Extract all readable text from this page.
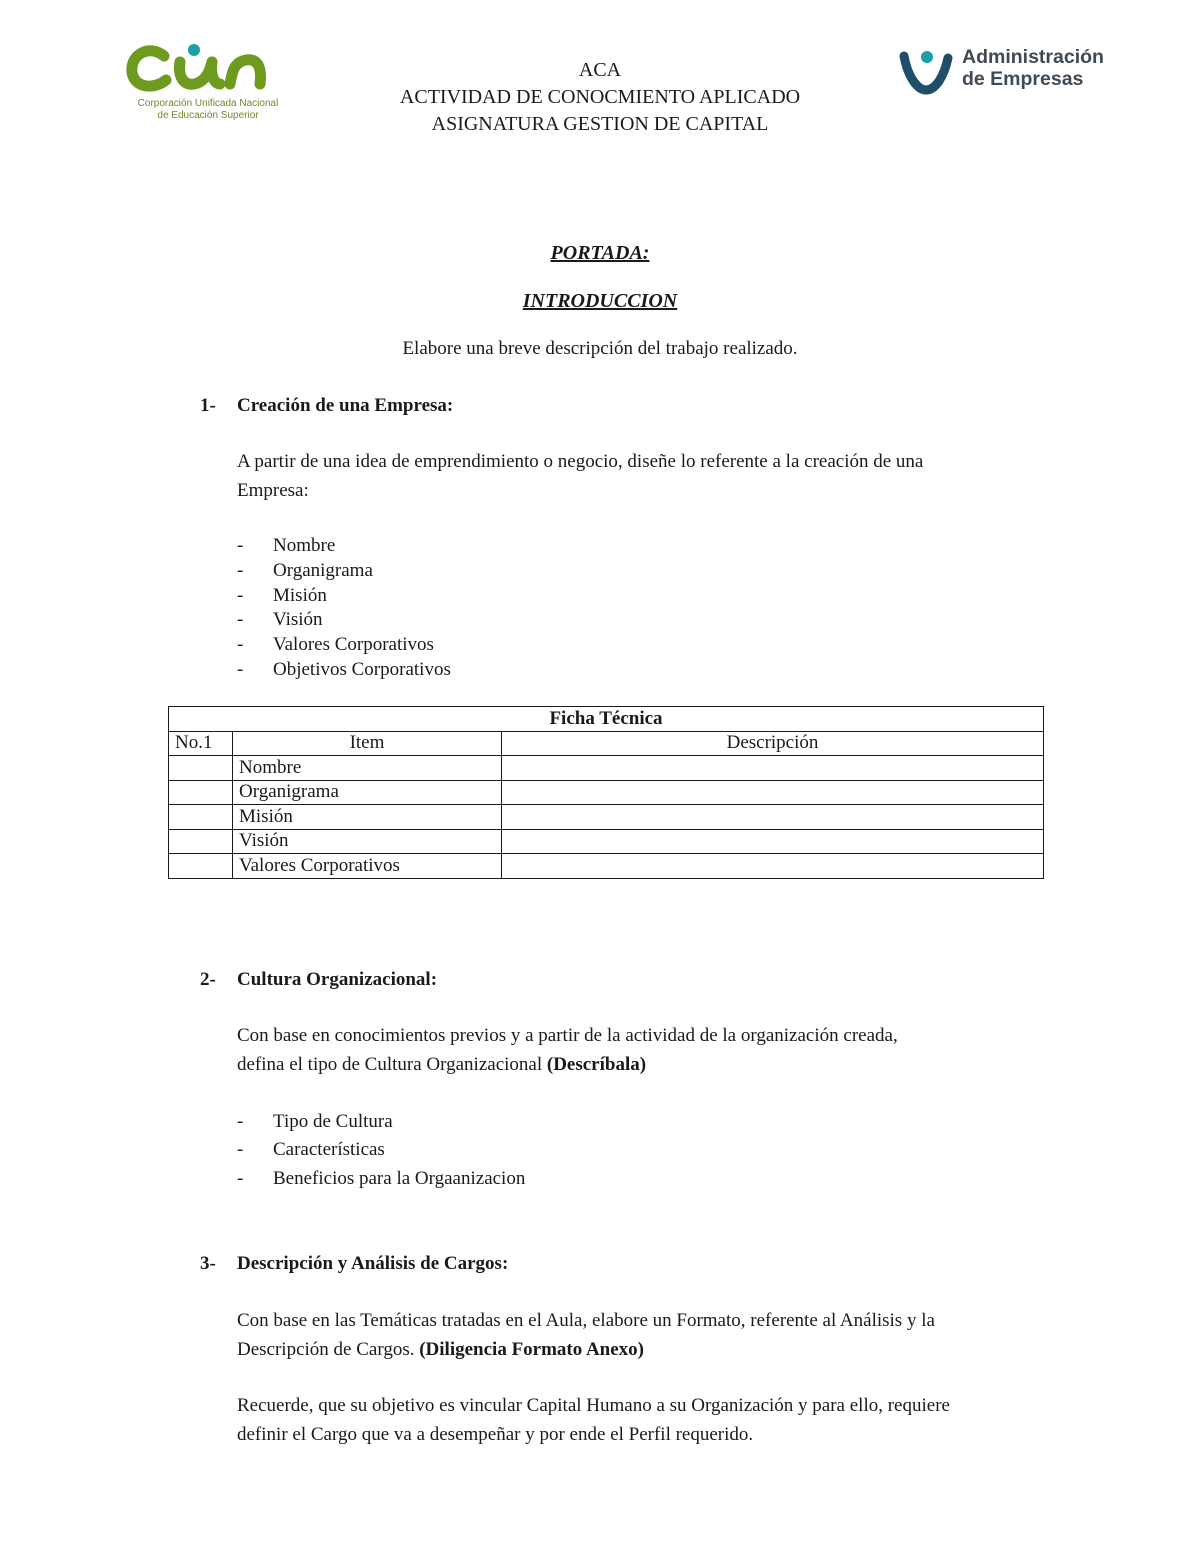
Corporación Unificada Nacional
de Educación Superior
ACA
ACTIVIDAD DE CONOCMIENTO APLICADO
ASIGNATURA GESTION DE CAPITAL
Administración
de Empresas
PORTADA:
INTRODUCCION
Elabore una breve descripción del trabajo realizado.
1- Creación de una Empresa:
A partir de una idea de emprendimiento o negocio, diseñe lo referente a la creación de una
Empresa:
- Nombre
- Organigrama
- Misión
- Visión
- Valores Corporativos
- Objetivos Corporativos
Ficha Técnica		
No.1	Item	Descripción
	Nombre	
	Organigrama	
	Misión	
	Visión	
	Valores Corporativos	
2- Cultura Organizacional:
Con base en conocimientos previos y a partir de la actividad de la organización creada,
defina el tipo de Cultura Organizacional (Descríbala)
- Tipo de Cultura
- Características
- Beneficios para la Orgaanizacion
3- Descripción y Análisis de Cargos:
Con base en las Temáticas tratadas en el Aula, elabore un Formato, referente al Análisis y la
Descripción de Cargos. (Diligencia Formato Anexo)
Recuerde, que su objetivo es vincular Capital Humano a su Organización y para ello, requiere
definir el Cargo que va a desempeñar y por ende el Perfil requerido.
